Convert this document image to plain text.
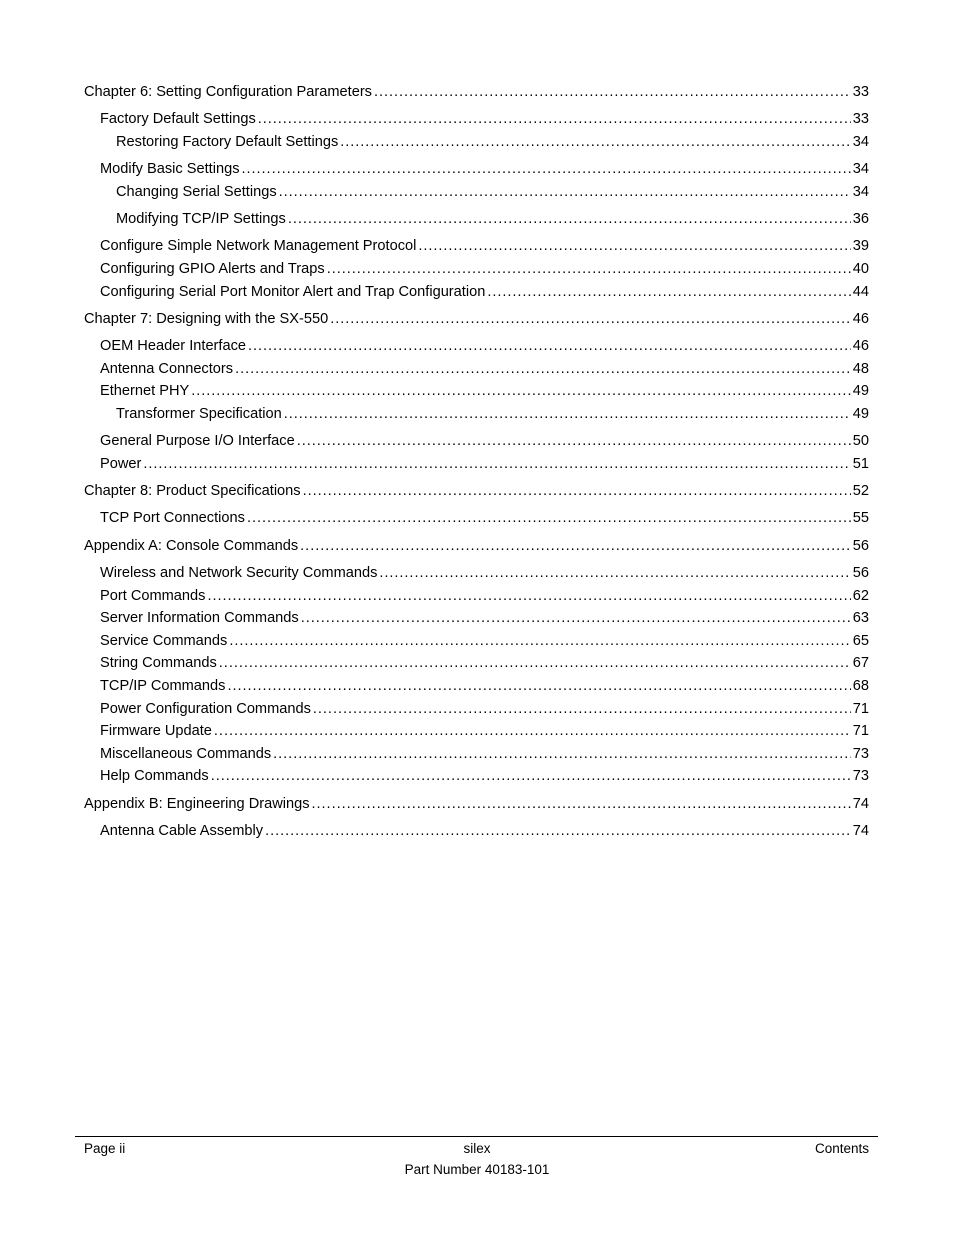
Chapter 6: Setting Configuration Parameters . . .	33
Factory Default Settings . . .	33
Restoring Factory Default Settings . . .	34
Modify Basic Settings . . .	34
Changing Serial Settings . . .	34
Modifying TCP/IP Settings . . .	36
Configure Simple Network Management Protocol . . .	39
Configuring GPIO Alerts and Traps . . .	40
Configuring Serial Port Monitor Alert and Trap Configuration . . .	44
Chapter 7: Designing with the SX-550 . . .	46
OEM Header Interface . . .	46
Antenna Connectors . . .	48
Ethernet PHY . . .	49
Transformer Specification . . .	49
General Purpose I/O Interface . . .	50
Power . . .	51
Chapter 8: Product Specifications . . .	52
TCP Port Connections . . .	55
Appendix A: Console Commands . . .	56
Wireless and Network Security Commands . . .	56
Port Commands . . .	62
Server Information Commands . . .	63
Service Commands . . .	65
String Commands . . .	67
TCP/IP Commands . . .	68
Power Configuration Commands . . .	71
Firmware Update . . .	71
Miscellaneous Commands . . .	73
Help Commands . . .	73
Appendix B: Engineering Drawings . . .	74
Antenna Cable Assembly . . .	74
Page ii	silex	Contents
Part Number 40183-101
